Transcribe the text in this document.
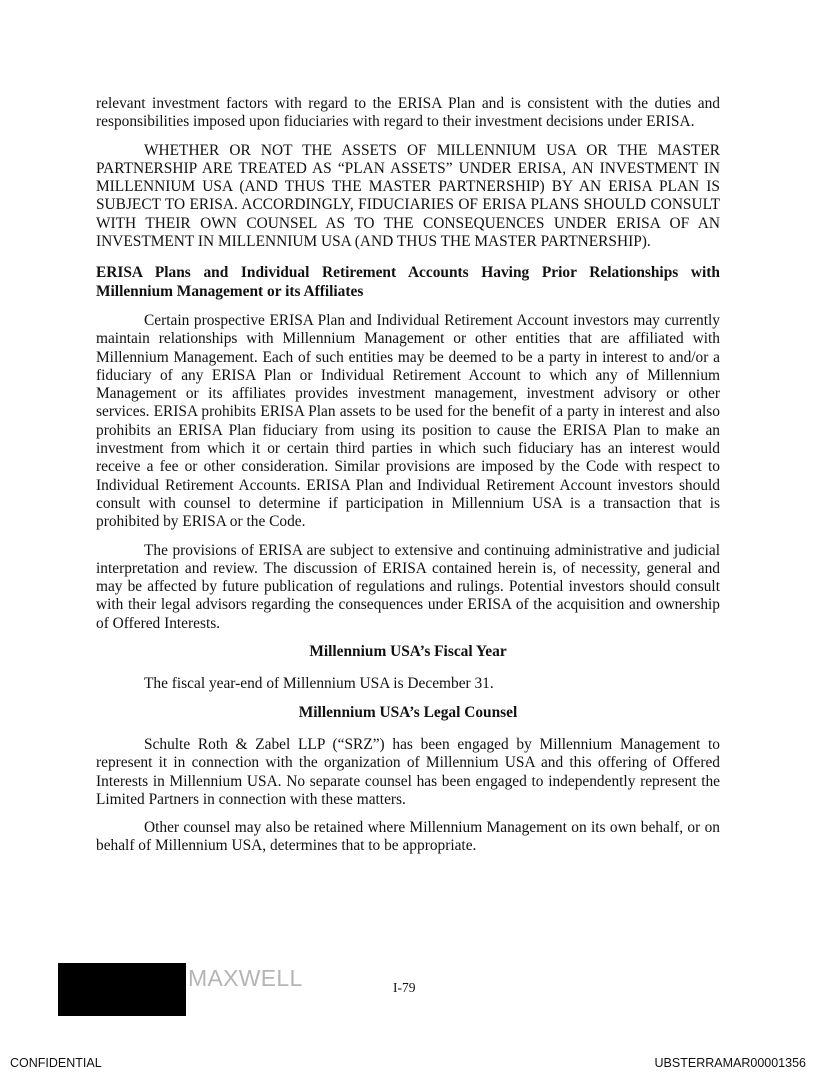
relevant investment factors with regard to the ERISA Plan and is consistent with the duties and responsibilities imposed upon fiduciaries with regard to their investment decisions under ERISA.

WHETHER OR NOT THE ASSETS OF MILLENNIUM USA OR THE MASTER PARTNERSHIP ARE TREATED AS “PLAN ASSETS” UNDER ERISA, AN INVESTMENT IN MILLENNIUM USA (AND THUS THE MASTER PARTNERSHIP) BY AN ERISA PLAN IS SUBJECT TO ERISA. ACCORDINGLY, FIDUCIARIES OF ERISA PLANS SHOULD CONSULT WITH THEIR OWN COUNSEL AS TO THE CONSEQUENCES UNDER ERISA OF AN INVESTMENT IN MILLENNIUM USA (AND THUS THE MASTER PARTNERSHIP).

ERISA Plans and Individual Retirement Accounts Having Prior Relationships with Millennium Management or its Affiliates

Certain prospective ERISA Plan and Individual Retirement Account investors may currently maintain relationships with Millennium Management or other entities that are affiliated with Millennium Management. Each of such entities may be deemed to be a party in interest to and/or a fiduciary of any ERISA Plan or Individual Retirement Account to which any of Millennium Management or its affiliates provides investment management, investment advisory or other services. ERISA prohibits ERISA Plan assets to be used for the benefit of a party in interest and also prohibits an ERISA Plan fiduciary from using its position to cause the ERISA Plan to make an investment from which it or certain third parties in which such fiduciary has an interest would receive a fee or other consideration. Similar provisions are imposed by the Code with respect to Individual Retirement Accounts. ERISA Plan and Individual Retirement Account investors should consult with counsel to determine if participation in Millennium USA is a transaction that is prohibited by ERISA or the Code.

The provisions of ERISA are subject to extensive and continuing administrative and judicial interpretation and review. The discussion of ERISA contained herein is, of necessity, general and may be affected by future publication of regulations and rulings. Potential investors should consult with their legal advisors regarding the consequences under ERISA of the acquisition and ownership of Offered Interests.

Millennium USA’s Fiscal Year

The fiscal year-end of Millennium USA is December 31.

Millennium USA’s Legal Counsel

Schulte Roth & Zabel LLP (“SRZ”) has been engaged by Millennium Management to represent it in connection with the organization of Millennium USA and this offering of Offered Interests in Millennium USA. No separate counsel has been engaged to independently represent the Limited Partners in connection with these matters.

Other counsel may also be retained where Millennium Management on its own behalf, or on behalf of Millennium USA, determines that to be appropriate.

MAXWELL	I-79
CONFIDENTIAL	UBSTERRAMAR00001356
